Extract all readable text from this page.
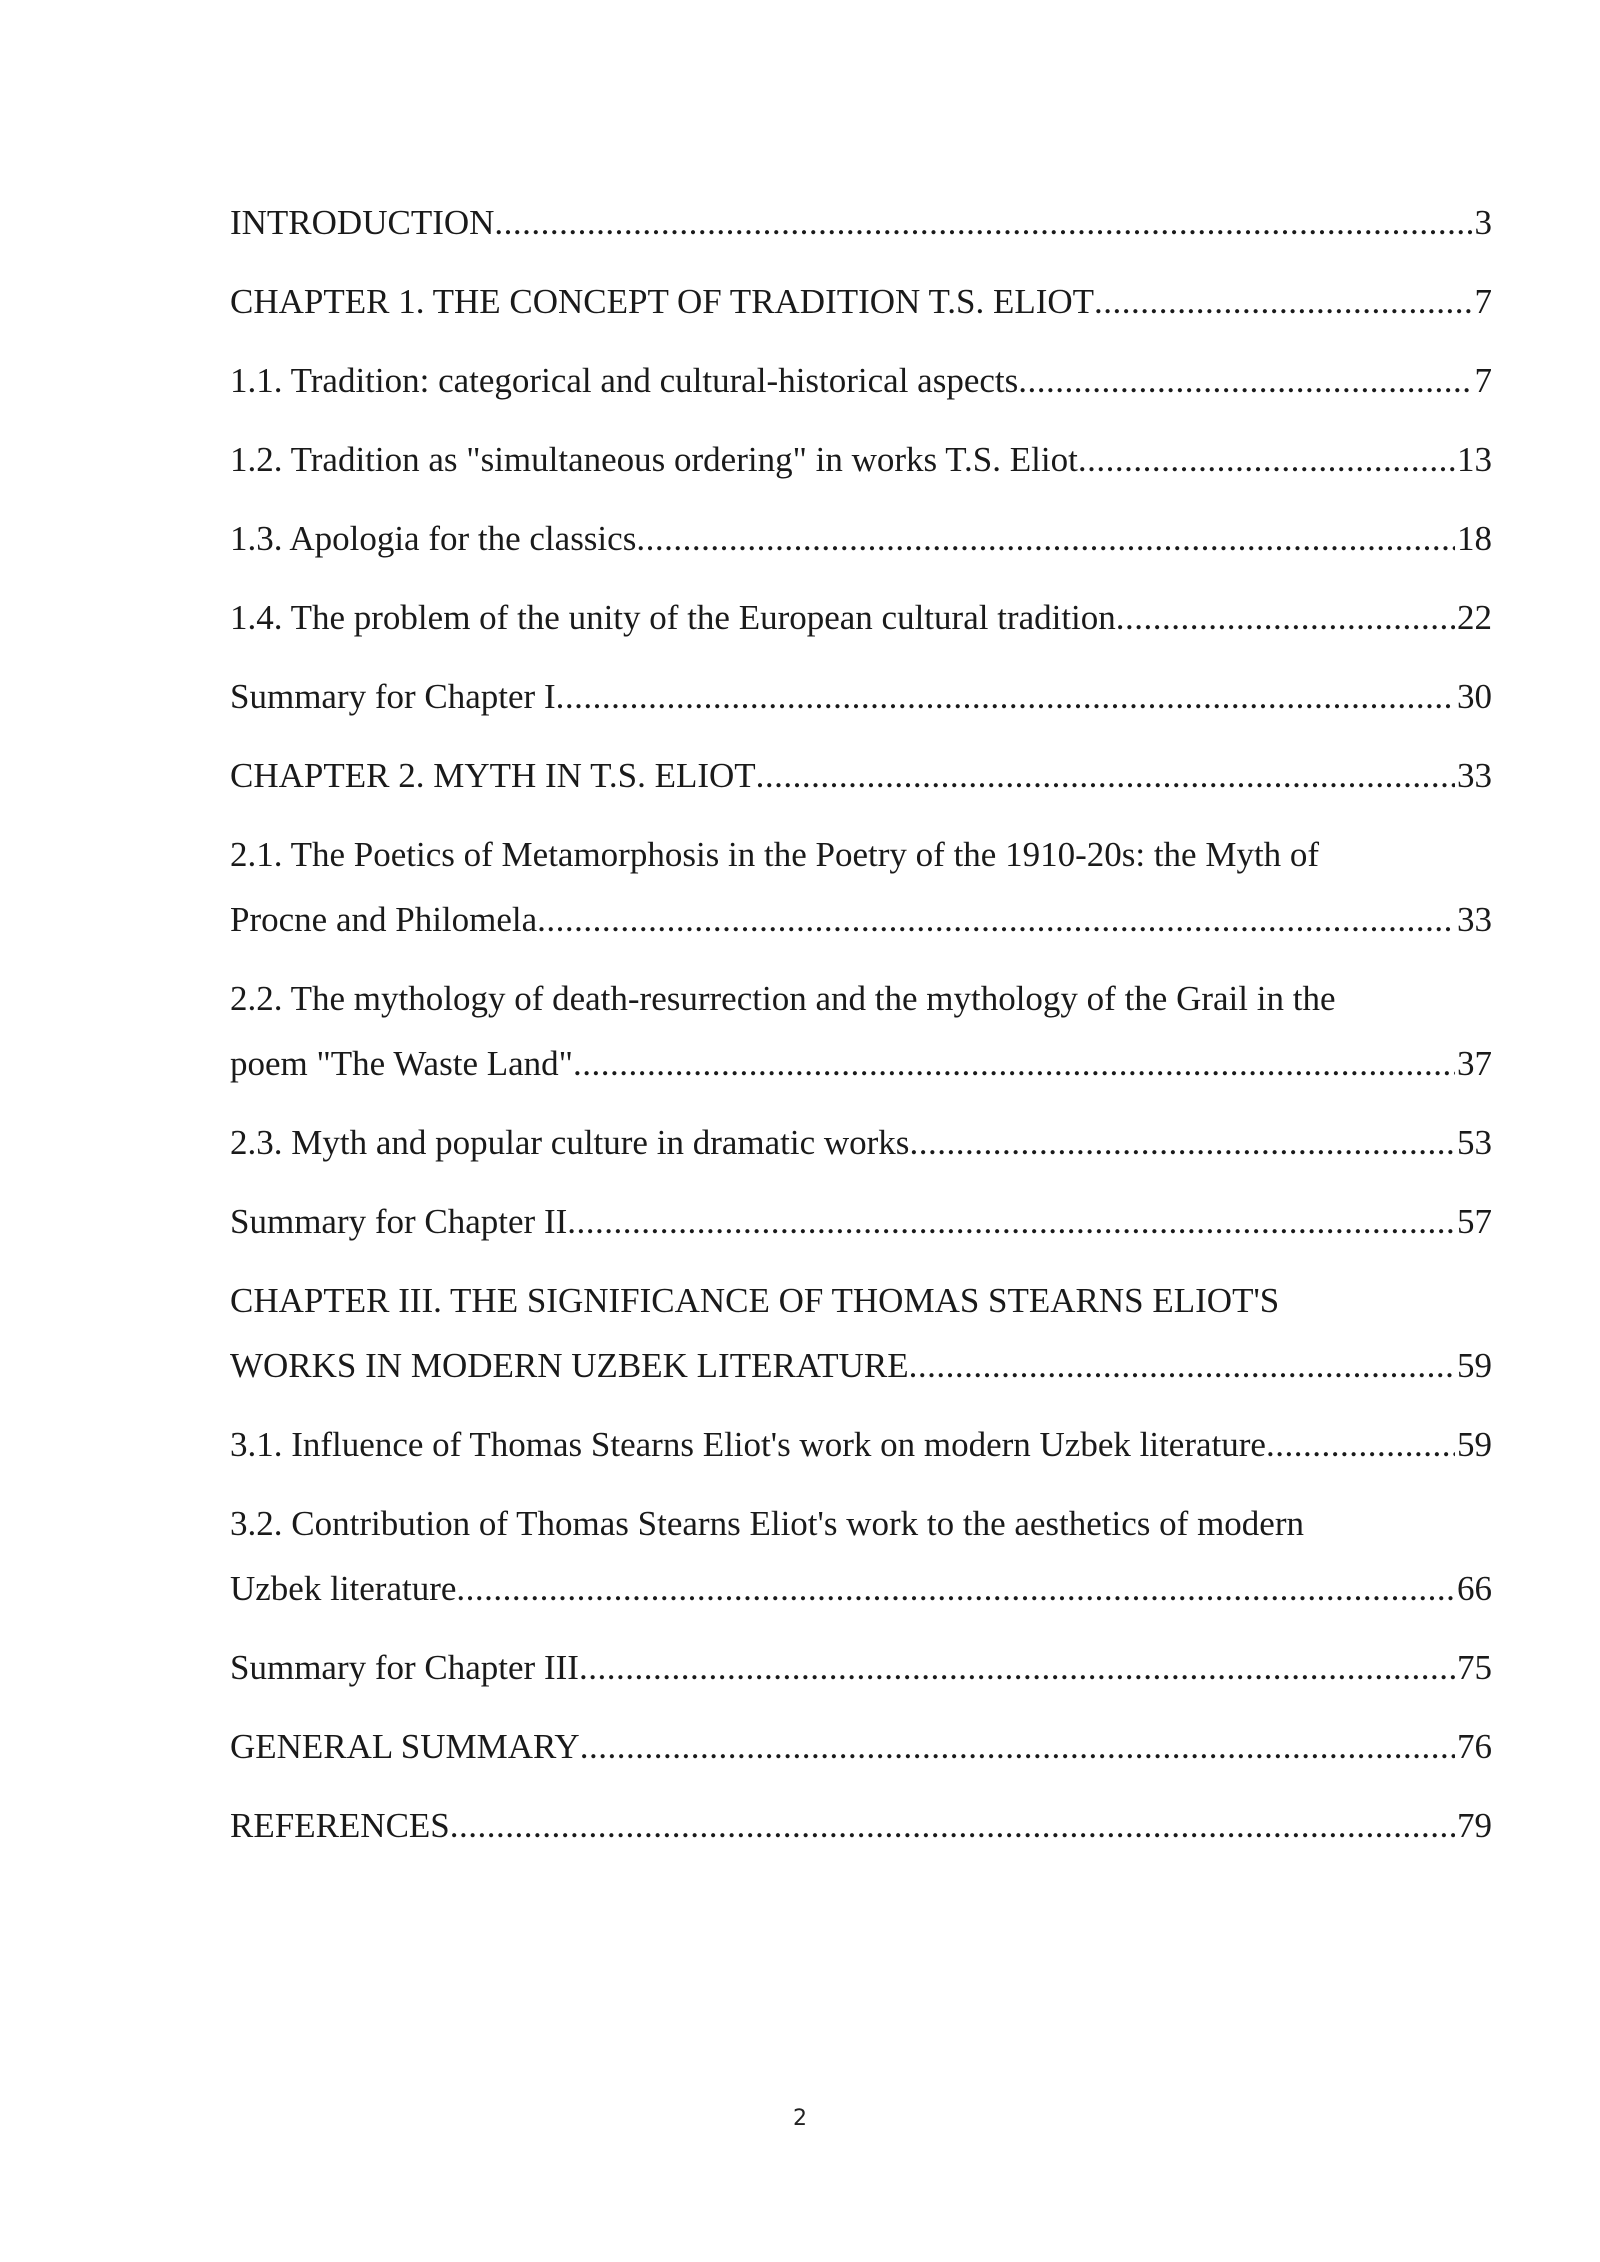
INTRODUCTION .....	3
CHAPTER 1. THE CONCEPT OF TRADITION T.S. ELIOT .....	7
1.1. Tradition: categorical and cultural-historical aspects .....	7
1.2. Tradition as "simultaneous ordering" in works T.S. Eliot .....	13
1.3. Apologia for the classics .....	18
1.4. The problem of the unity of the European cultural tradition .....	22
Summary for Chapter I .....	30
CHAPTER 2. MYTH IN T.S. ELIOT .....	33
2.1. The Poetics of Metamorphosis in the Poetry of the 1910-20s: the Myth of
Procne and Philomela .....	33
2.2. The mythology of death-resurrection and the mythology of the Grail in the
poem "The Waste Land" .....	37
2.3. Myth and popular culture in dramatic works .....	53
Summary for Chapter II .....	57
CHAPTER III. THE SIGNIFICANCE OF THOMAS STEARNS ELIOT'S
WORKS IN MODERN UZBEK LITERATURE .....	59
3.1. Influence of Thomas Stearns Eliot's work on modern Uzbek literature .....	59
3.2. Contribution of Thomas Stearns Eliot's work to the aesthetics of modern
Uzbek literature .....	66
Summary for Chapter III .....	75
GENERAL SUMMARY .....	76
REFERENCES .....	79
2
